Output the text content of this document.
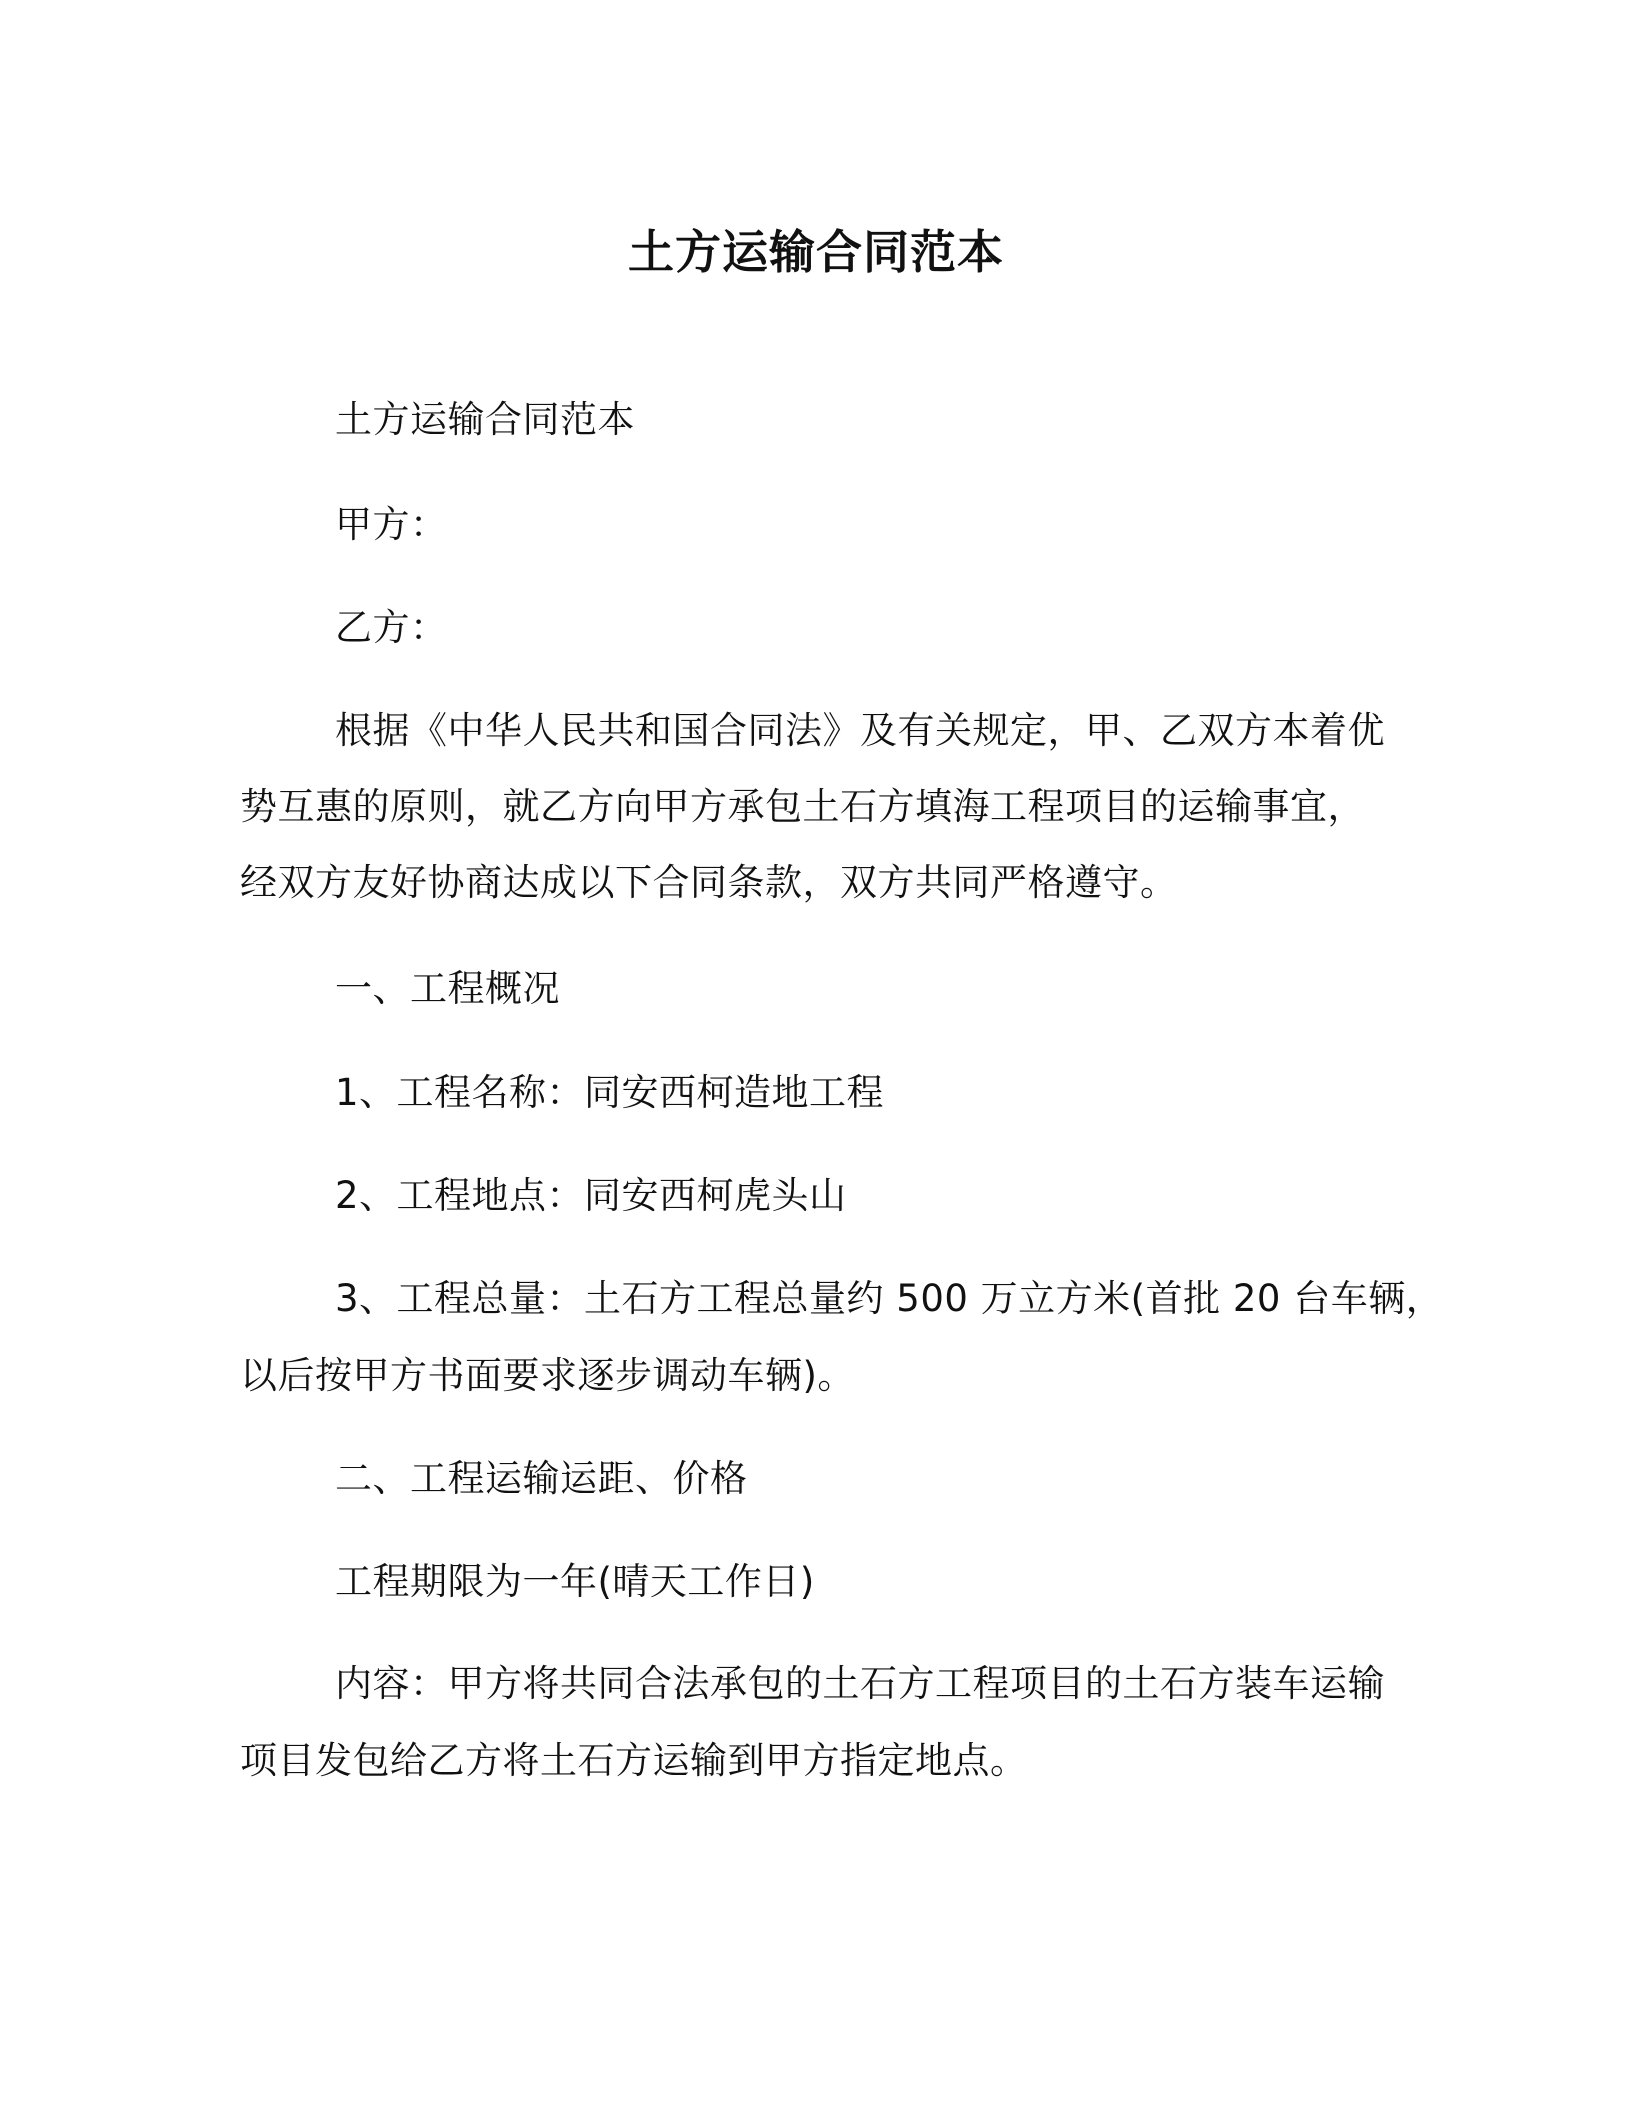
土方运输合同范本
土方运输合同范本
甲方：
乙方：
根据《中华人民共和国合同法》及有关规定，甲、乙双方本着优
势互惠的原则，就乙方向甲方承包土石方填海工程项目的运输事宜，
经双方友好协商达成以下合同条款，双方共同严格遵守。
一、工程概况
1、工程名称：同安西柯造地工程
2、工程地点：同安西柯虎头山
3、工程总量：土石方工程总量约 500 万立方米(首批 20 台车辆，
以后按甲方书面要求逐步调动车辆)。
二、工程运输运距、价格
工程期限为一年(晴天工作日)
内容：甲方将共同合法承包的土石方工程项目的土石方装车运输
项目发包给乙方将土石方运输到甲方指定地点。
